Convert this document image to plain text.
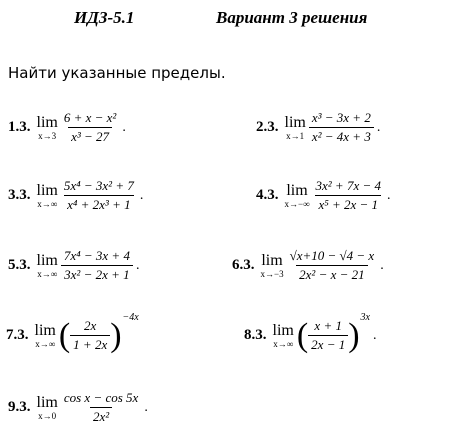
ИДЗ-5.1	Вариант 3 решения
Найти указанные пределы.
1.3. lim
$x\to 3 \frac{\text{6 + x − x²}}{\text{x³ − 27}}$ .	2.3. lim
$x\to 1 \frac{\text{x³ − 3x + 2}}{\text{x² − 4x + 3}}$ .
3.3. lim
$x\to\infty \frac{\text{5x⁴ − 3x² + 7}}{\text{x⁴ + 2x³ + 1}}$ .	4.3. lim
$x\to-\infty \frac{\text{3x² + 7x − 4}}{\text{x⁵ + 2x − 1}}$ .
5.3. lim
$x\to\infty \frac{\text{7x⁴ − 3x + 4}}{\text{3x² − 2x + 1}}$ .	6.3. lim
$x\to-3 \frac{√x+10 - √4 - x}{\text{2x² − x − 21}}$ .
7.3. lim
x→∞ ( $\frac{2x}{1 + 2x}$ ) −4x
8.3. lim
x→∞ ( $\frac{x + 1}{2x - 1}$ ) 3x
.
9.3. lim
$x\to 0 \frac{\text{cos x − cos 5x}}{\text{2x²}}$ .
